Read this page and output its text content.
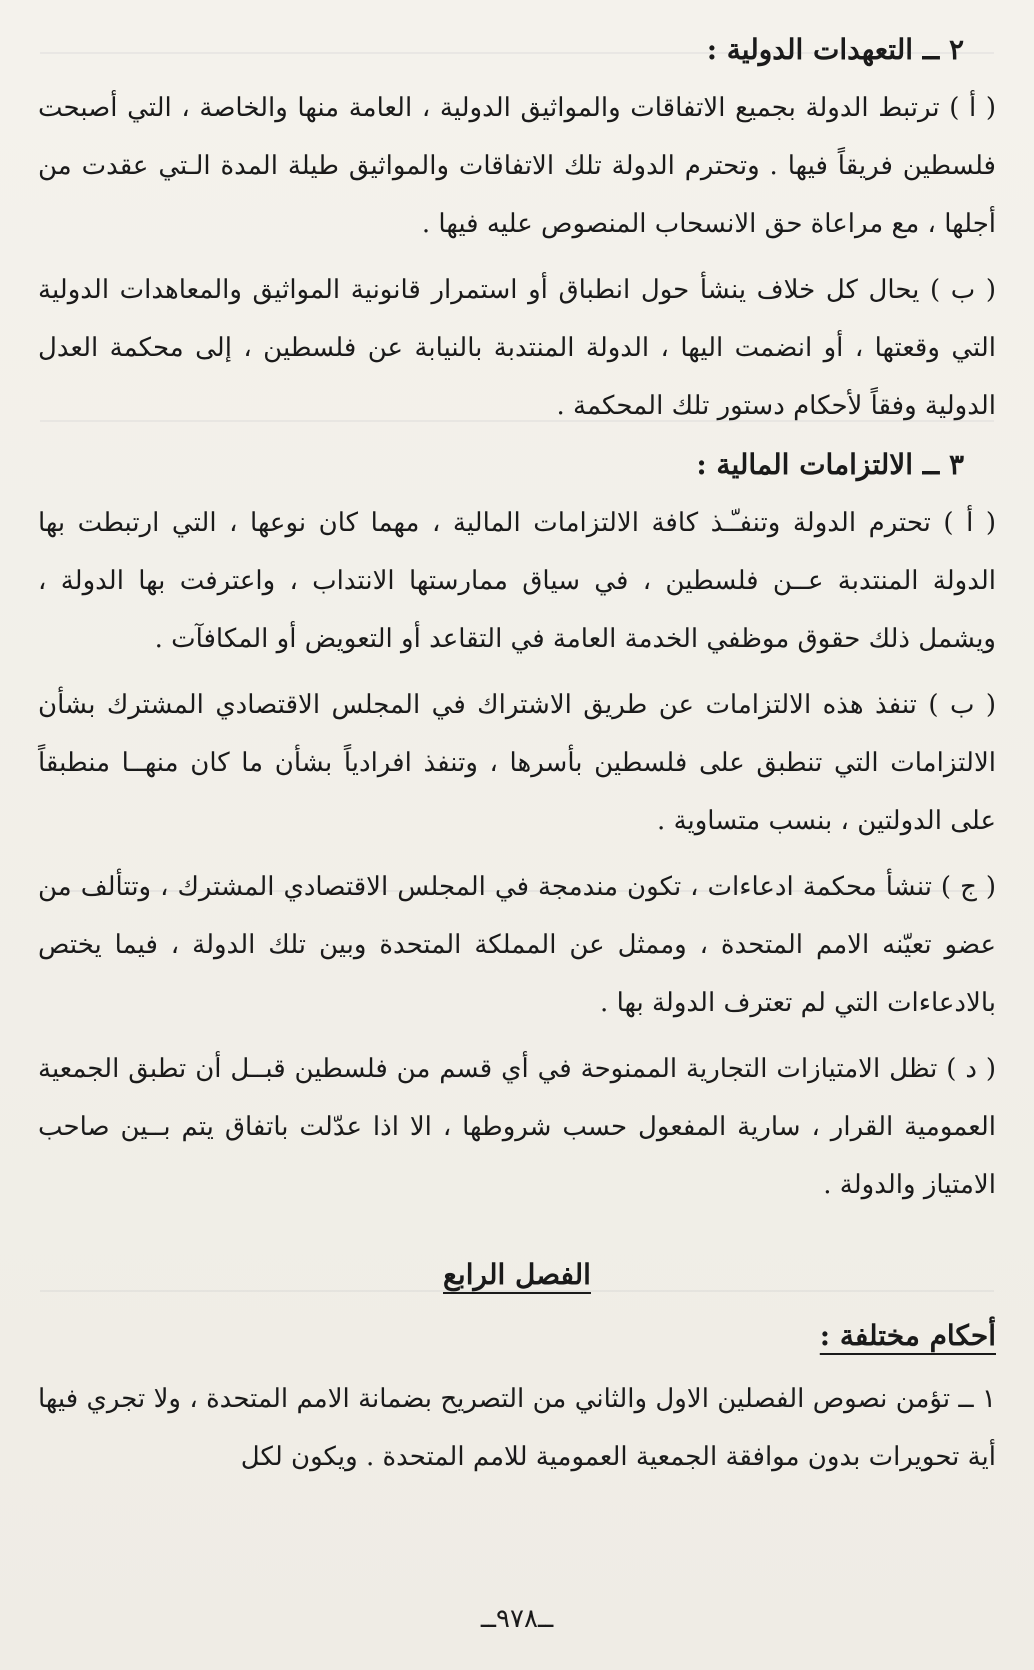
٢ ــ التعهدات الدولية :

( أ ) ترتبط الدولة بجميع الاتفاقات والمواثيق الدولية ، العامة منها والخاصة ، التي أصبحت فلسطين فريقاً فيها . وتحترم الدولة تلك الاتفاقات والمواثيق طيلة المدة الـتي عقدت من أجلها ، مع مراعاة حق الانسحاب المنصوص عليه فيها .

( ب ) يحال كل خلاف ينشأ حول انطباق أو استمرار قانونية المواثيق والمعاهدات الدولية التي وقعتها ، أو انضمت اليها ، الدولة المنتدبة بالنيابة عن فلسطين ، إلى محكمة العدل الدولية وفقاً لأحكام دستور تلك المحكمة .

٣ ــ الالتزامات المالية :

( أ ) تحترم الدولة وتنفـّـذ كافة الالتزامات المالية ، مهما كان نوعها ، التي ارتبطت بها الدولة المنتدبة عــن فلسطين ، في سياق ممارستها الانتداب ، واعترفت بها الدولة ، ويشمل ذلك حقوق موظفي الخدمة العامة في التقاعد أو التعويض أو المكافآت .

( ب ) تنفذ هذه الالتزامات عن طريق الاشتراك في المجلس الاقتصادي المشترك بشأن الالتزامات التي تنطبق على فلسطين بأسرها ، وتنفذ افرادياً بشأن ما كان منهــا منطبقاً على الدولتين ، بنسب متساوية .

( ج ) تنشأ محكمة ادعاءات ، تكون مندمجة في المجلس الاقتصادي المشترك ، وتتألف من عضو تعيّنه الامم المتحدة ، وممثل عن المملكة المتحدة وبين تلك الدولة ، فيما يختص بالادعاءات التي لم تعترف الدولة بها .

( د ) تظل الامتيازات التجارية الممنوحة في أي قسم من فلسطين قبــل أن تطبق الجمعية العمومية القرار ، سارية المفعول حسب شروطها ، الا اذا عدّلت باتفاق يتم بــين صاحب الامتياز والدولة .

الفصل الرابع
أحكام مختلفة :

١ ــ تؤمن نصوص الفصلين الاول والثاني من التصريح بضمانة الامم المتحدة ، ولا تجري فيها أية تحويرات بدون موافقة الجمعية العمومية للامم المتحدة . ويكون لكل

ــ٩٧٨ــ
